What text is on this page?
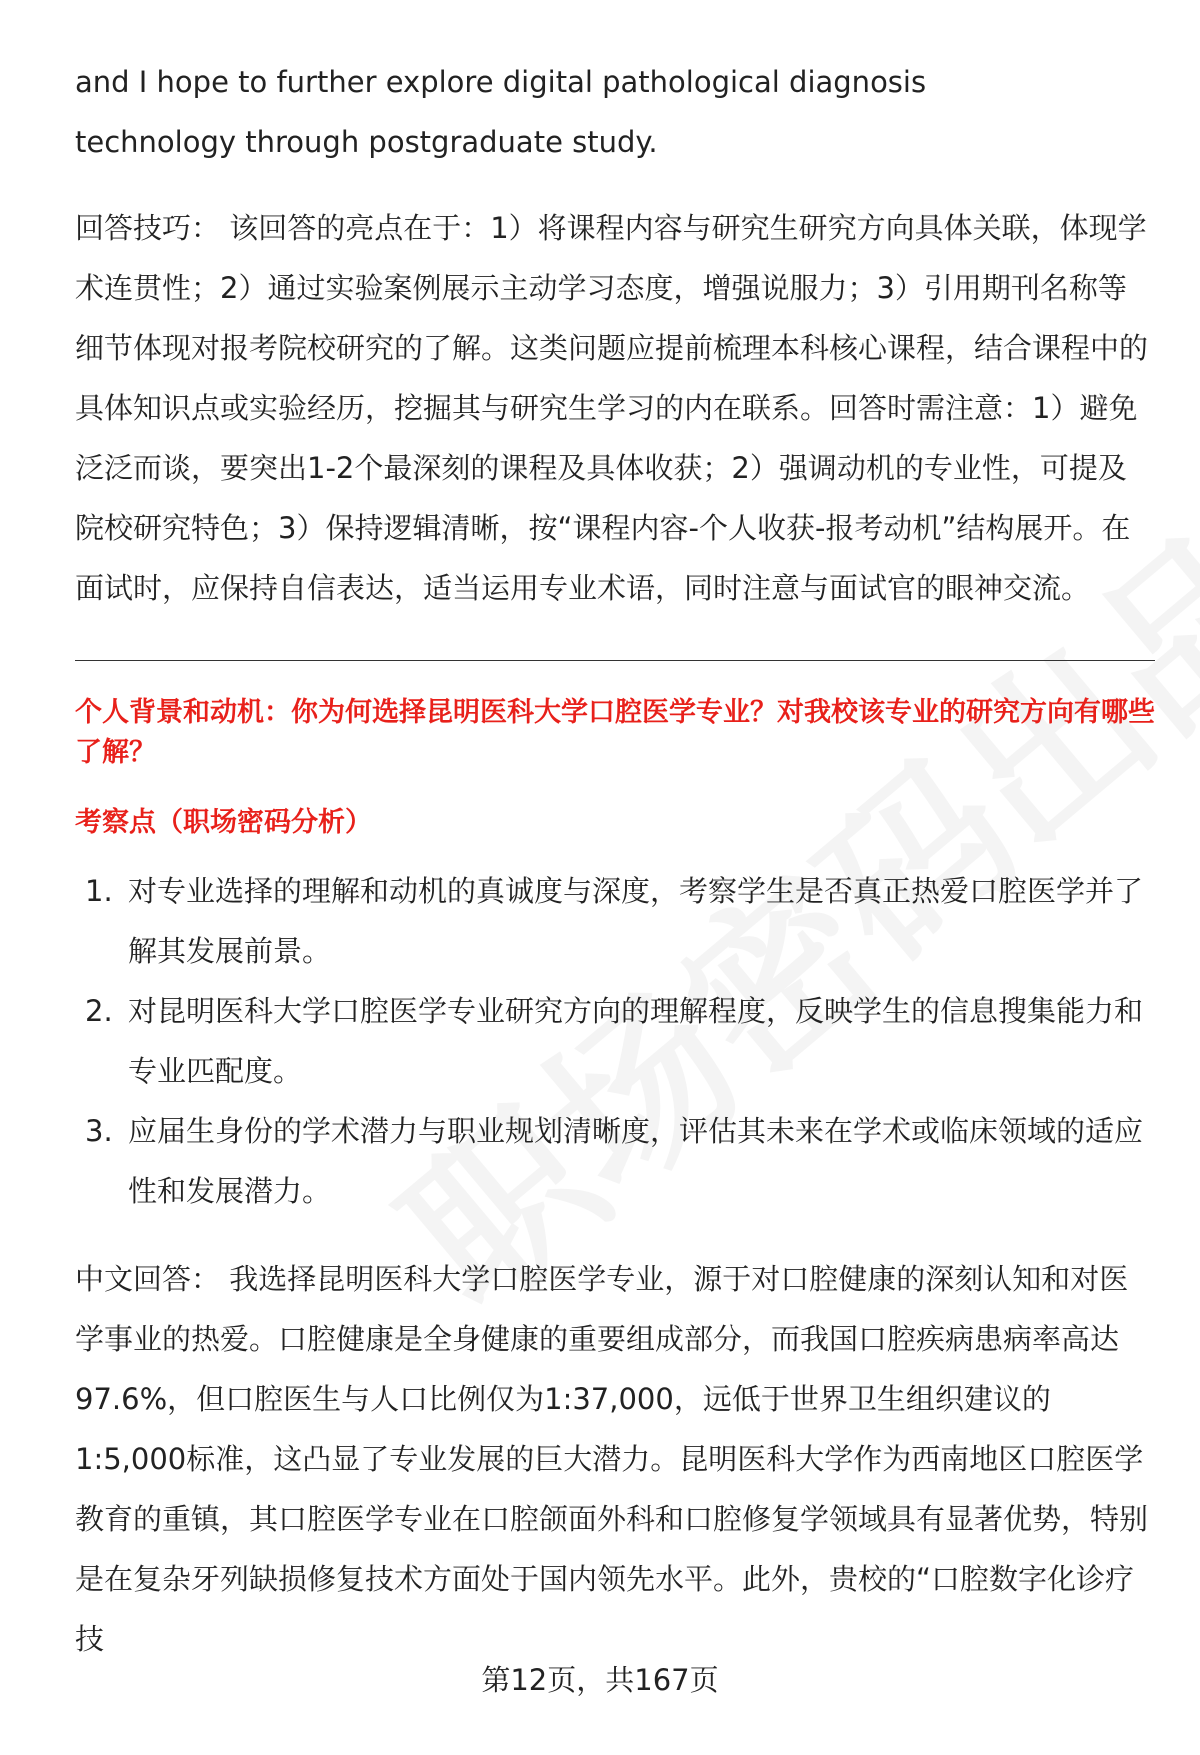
and I hope to further explore digital pathological diagnosis technology through postgraduate study.

回答技巧： 该回答的亮点在于：1）将课程内容与研究生研究方向具体关联，体现学术连贯性；2）通过实验案例展示主动学习态度，增强说服力；3）引用期刊名称等细节体现对报考院校研究的了解。这类问题应提前梳理本科核心课程，结合课程中的具体知识点或实验经历，挖掘其与研究生学习的内在联系。回答时需注意：1）避免泛泛而谈，要突出1-2个最深刻的课程及具体收获；2）强调动机的专业性，可提及院校研究特色；3）保持逻辑清晰，按“课程内容-个人收获-报考动机”结构展开。在面试时，应保持自信表达，适当运用专业术语，同时注意与面试官的眼神交流。

个人背景和动机：你为何选择昆明医科大学口腔医学专业？对我校该专业的研究方向有哪些了解？

考察点（职场密码分析）

1. 对专业选择的理解和动机的真诚度与深度，考察学生是否真正热爱口腔医学并了解其发展前景。
2. 对昆明医科大学口腔医学专业研究方向的理解程度，反映学生的信息搜集能力和专业匹配度。
3. 应届生身份的学术潜力与职业规划清晰度，评估其未来在学术或临床领域的适应性和发展潜力。

中文回答： 我选择昆明医科大学口腔医学专业，源于对口腔健康的深刻认知和对医学事业的热爱。口腔健康是全身健康的重要组成部分，而我国口腔疾病患病率高达97.6%，但口腔医生与人口比例仅为1:37,000，远低于世界卫生组织建议的1:5,000标准，这凸显了专业发展的巨大潜力。昆明医科大学作为西南地区口腔医学教育的重镇，其口腔医学专业在口腔颌面外科和口腔修复学领域具有显著优势，特别是在复杂牙列缺损修复技术方面处于国内领先水平。此外，贵校的“口腔数字化诊疗技

第12页，共167页
